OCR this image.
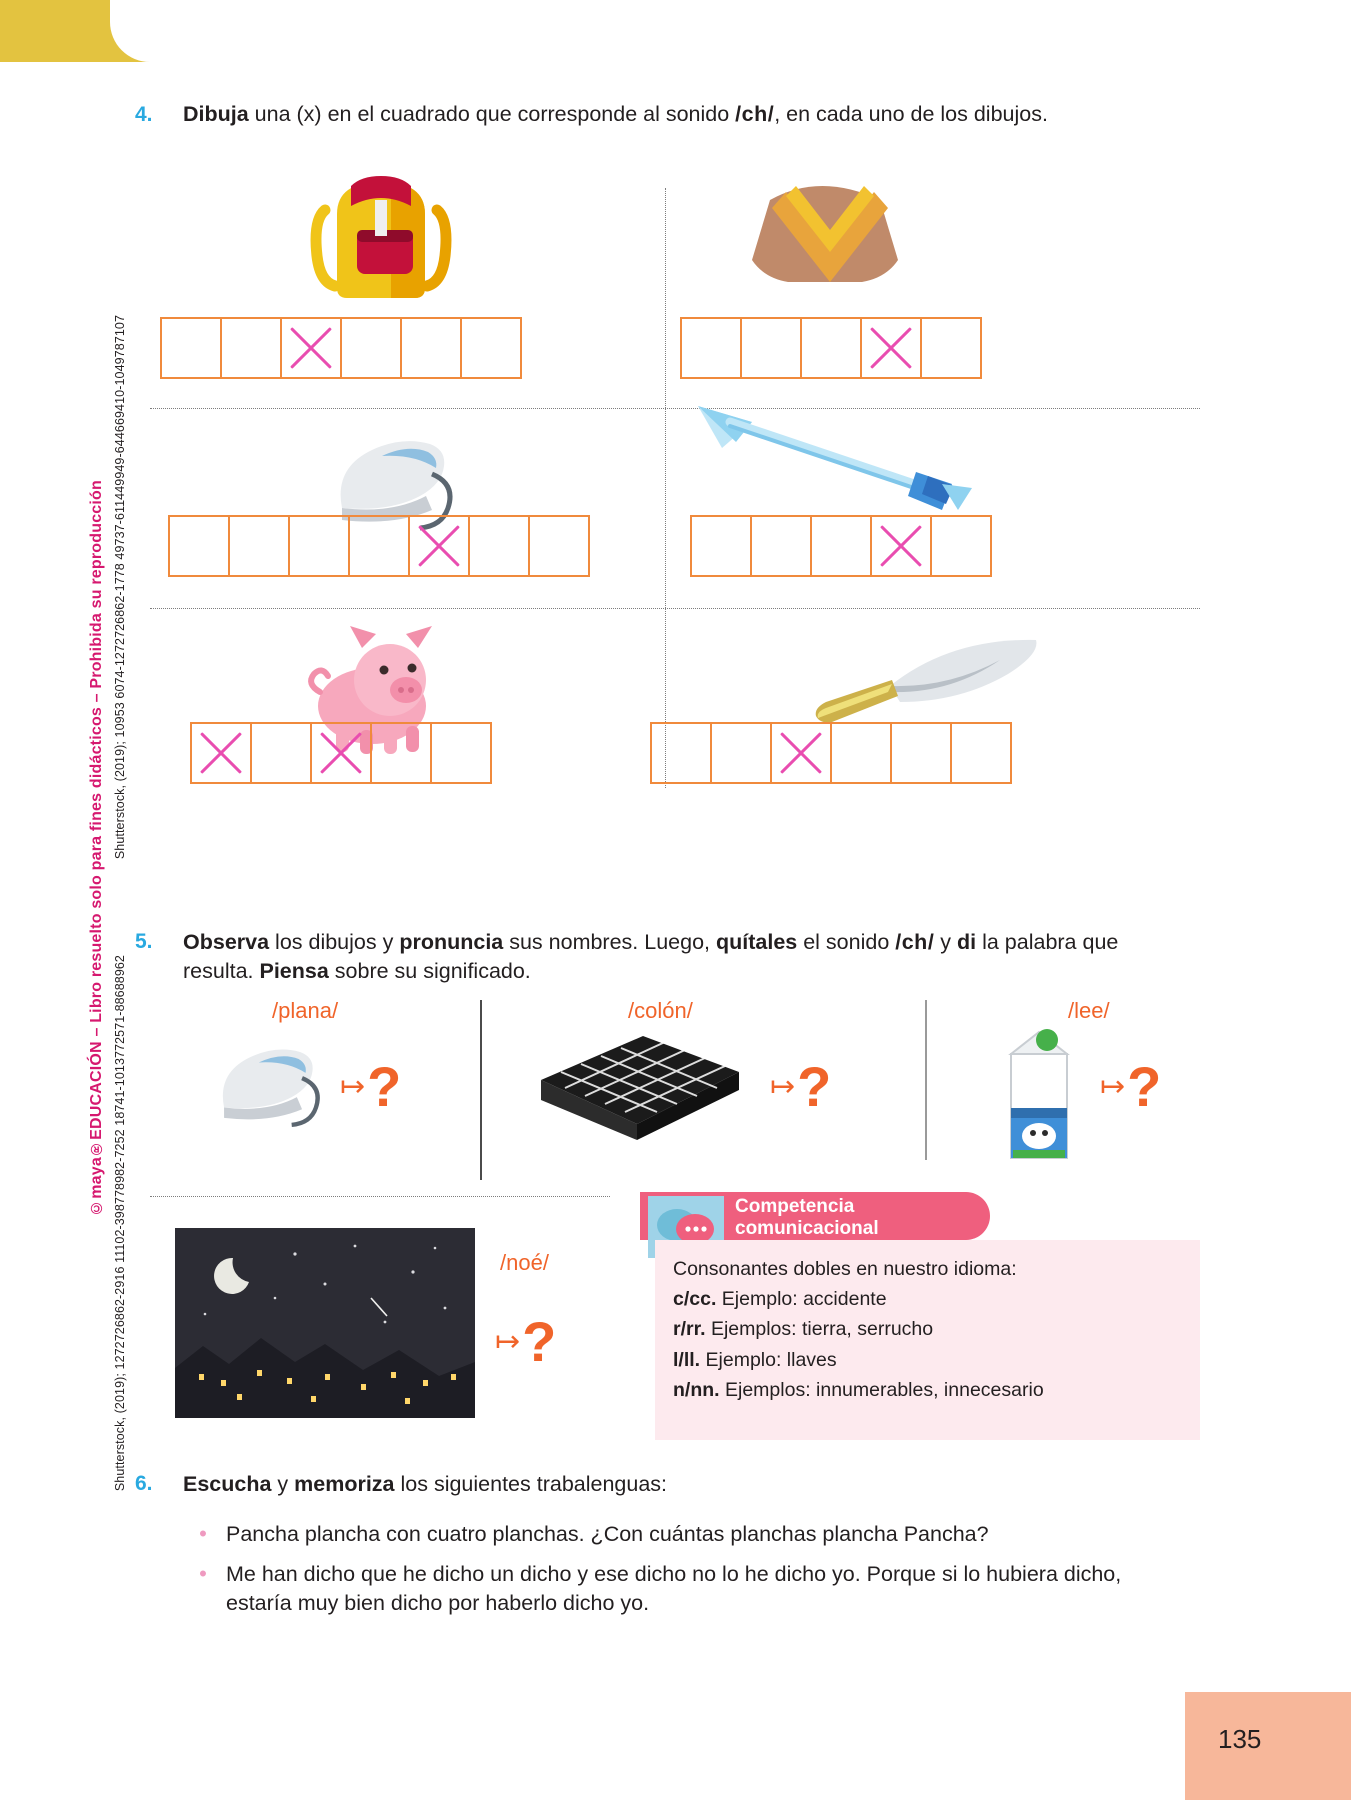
Shutterstock, (2019); 10953 6074-1272726862-1778 49737-611449949-644669410-1049787107
Shutterstock, (2019); 1272726862-2916 11102-398778982-7252 18741-1013772571-88688962
©maya®EDUCACIÓN – Libro resuelto solo para fines didácticos – Prohibida su reproducción
4. Dibuja una (x) en el cuadrado que corresponde al sonido /ch/, en cada uno de los dibujos.
5. Observa los dibujos y pronuncia sus nombres. Luego, quítales el sonido /ch/ y di la palabra que resulta. Piensa sobre su significado.
/plana/
↦ ?
/colón/
↦ ?
/lee/
↦ ?
/noé/
↦ ?
Competencia
comunicacional
Consonantes dobles en nuestro idioma:
c/cc. Ejemplo: accidente
r/rr. Ejemplos: tierra, serrucho
l/ll. Ejemplo: llaves
n/nn. Ejemplos: innumerables, innecesario
6. Escucha y memoriza los siguientes trabalenguas:
• Pancha plancha con cuatro planchas. ¿Con cuántas planchas plancha Pancha?
• Me han dicho que he dicho un dicho y ese dicho no lo he dicho yo. Porque si lo hubiera dicho, estaría muy bien dicho por haberlo dicho yo.
135
